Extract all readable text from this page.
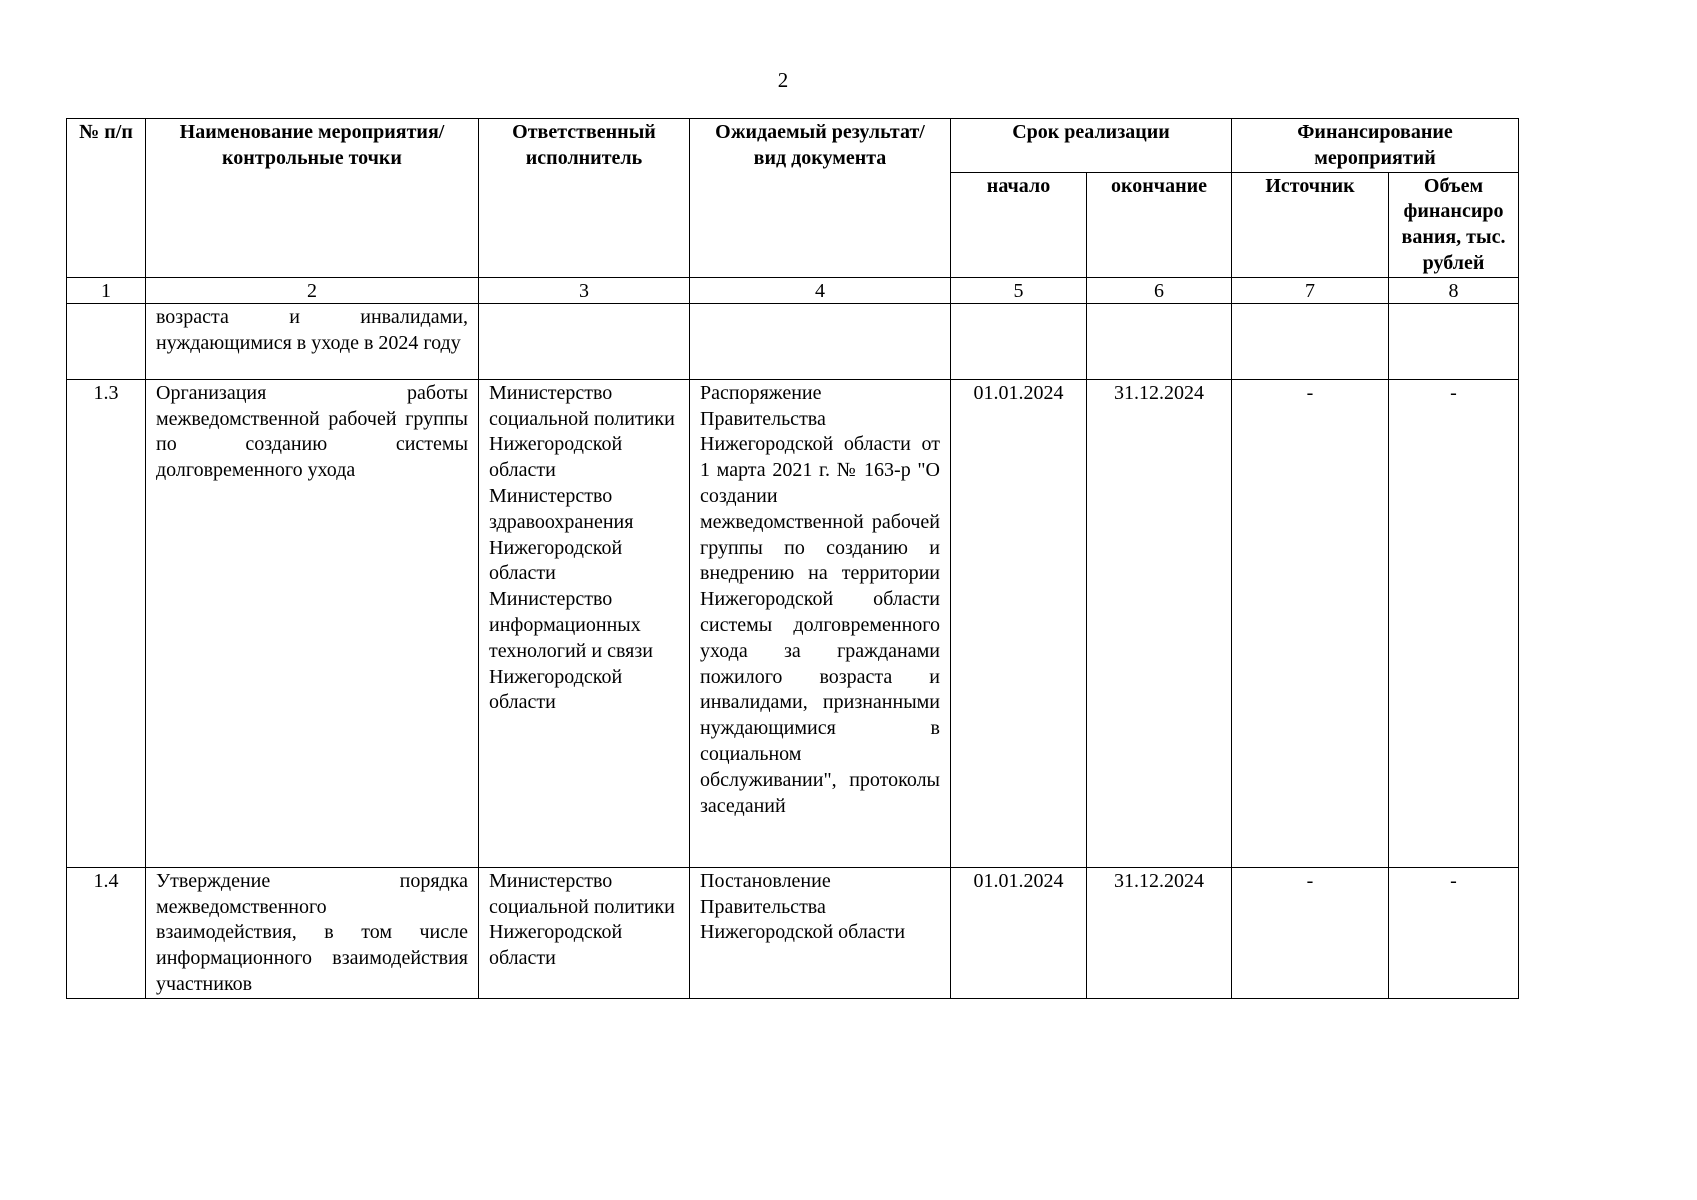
2
№ п/п	Наименование мероприятия/ контрольные точки	Ответственный исполнитель	Ожидаемый результат/вид документа	Срок реализации		Финансирование мероприятий	
				начало	окончание	Источник	Объем финансиро вания, тыс. рублей
1	2	3	4	5	6	7	8
	возраста и инвалидами, нуждающимися в уходе в 2024 году						
1.3	Организация работы межведомственной рабочей группы по созданию системы долговременного ухода	Министерство социальной политики Нижегородской области Министерство здравоохранения Нижегородской области Министерство информационных технологий и связи Нижегородской области	Распоряжение Правительства Нижегородской области от 1 марта 2021 г. № 163-р "О создании межведомственной рабочей группы по созданию и внедрению на территории Нижегородской области системы долговременного ухода за гражданами пожилого возраста и инвалидами, признанными нуждающимися в социальном обслуживании", протоколы заседаний	01.01.2024	31.12.2024	-	-
1.4	Утверждение порядка межведомственного взаимодействия, в том числе информационного взаимодействия участников	Министерство социальной политики Нижегородской области	Постановление Правительства Нижегородской области	01.01.2024	31.12.2024	-	-
